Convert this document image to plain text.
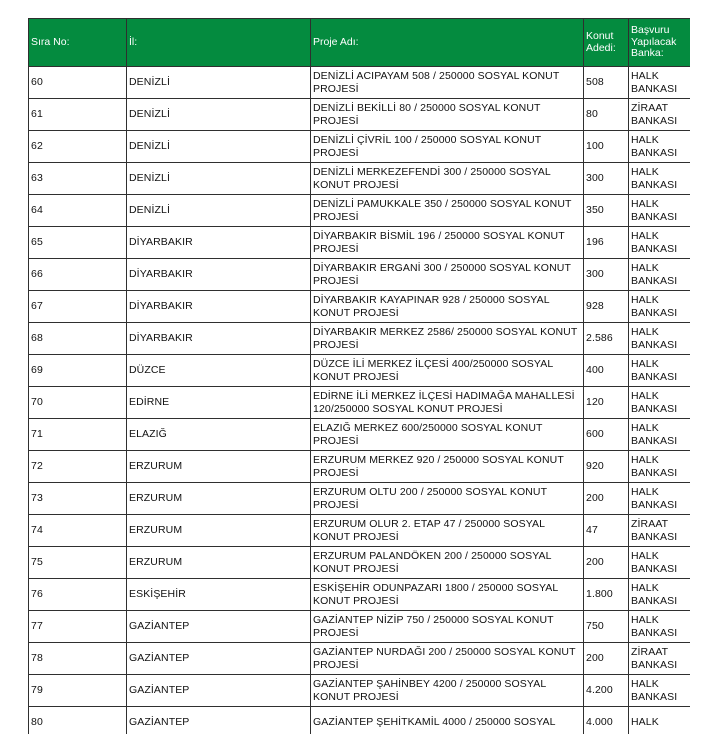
Sıra No:	İl:	Proje Adı:	Konut Adedi:	Başvuru Yapılacak Banka:
60	DENİZLİ	DENİZLİ ACIPAYAM 508 / 250000 SOSYAL KONUT PROJESİ	508	HALK BANKASI
61	DENİZLİ	DENİZLİ BEKİLLİ 80 / 250000 SOSYAL KONUT PROJESİ	80	ZİRAAT BANKASI
62	DENİZLİ	DENİZLİ ÇİVRİL 100 / 250000 SOSYAL KONUT PROJESİ	100	HALK BANKASI
63	DENİZLİ	DENİZLİ MERKEZEFENDİ 300 / 250000 SOSYAL KONUT PROJESİ	300	HALK BANKASI
64	DENİZLİ	DENİZLİ PAMUKKALE 350 / 250000 SOSYAL KONUT PROJESİ	350	HALK BANKASI
65	DİYARBAKIR	DİYARBAKIR BİSMİL 196 / 250000 SOSYAL KONUT PROJESİ	196	HALK BANKASI
66	DİYARBAKIR	DİYARBAKIR ERGANİ 300 / 250000 SOSYAL KONUT PROJESİ	300	HALK BANKASI
67	DİYARBAKIR	DİYARBAKIR KAYAPINAR 928 / 250000 SOSYAL KONUT PROJESİ	928	HALK BANKASI
68	DİYARBAKIR	DİYARBAKIR MERKEZ 2586/ 250000 SOSYAL KONUT PROJESİ	2.586	HALK BANKASI
69	DÜZCE	DÜZCE İLİ MERKEZ İLÇESİ 400/250000 SOSYAL KONUT PROJESİ	400	HALK BANKASI
70	EDİRNE	EDİRNE İLİ MERKEZ İLÇESİ HADIMAĞA MAHALLESİ 120/250000 SOSYAL KONUT PROJESİ	120	HALK BANKASI
71	ELAZIĞ	ELAZIĞ MERKEZ 600/250000 SOSYAL KONUT PROJESİ	600	HALK BANKASI
72	ERZURUM	ERZURUM MERKEZ 920 / 250000 SOSYAL KONUT PROJESİ	920	HALK BANKASI
73	ERZURUM	ERZURUM OLTU 200 / 250000 SOSYAL KONUT PROJESİ	200	HALK BANKASI
74	ERZURUM	ERZURUM OLUR 2. ETAP 47 / 250000 SOSYAL KONUT PROJESİ	47	ZİRAAT BANKASI
75	ERZURUM	ERZURUM PALANDÖKEN 200 / 250000 SOSYAL KONUT PROJESİ	200	HALK BANKASI
76	ESKİŞEHİR	ESKİŞEHİR ODUNPAZARI 1800 / 250000 SOSYAL KONUT PROJESİ	1.800	HALK BANKASI
77	GAZİANTEP	GAZİANTEP NİZİP 750 / 250000 SOSYAL KONUT PROJESİ	750	HALK BANKASI
78	GAZİANTEP	GAZİANTEP NURDAĞI 200 / 250000 SOSYAL KONUT PROJESİ	200	ZİRAAT BANKASI
79	GAZİANTEP	GAZİANTEP ŞAHİNBEY 4200 / 250000 SOSYAL KONUT PROJESİ	4.200	HALK BANKASI
80	GAZİANTEP	GAZİANTEP ŞEHİTKAMİL 4000 / 250000 SOSYAL	4.000	HALK
